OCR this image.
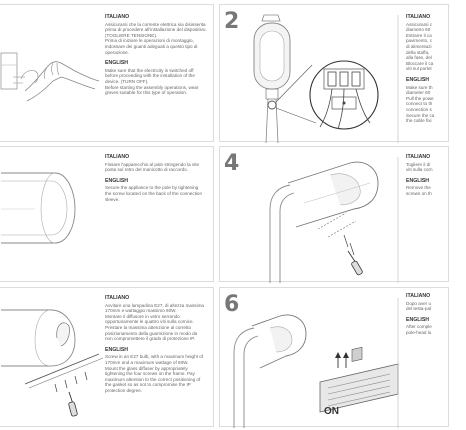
ITALIANO
Assicurarsi che la corrente elettrica sia disinserita
prima di procedere all'installazione del dispositivo.
(TOGLIERE TENSIONE).
Prima di iniziare le operazioni di montaggio,
indossare dei guanti adeguati a questo tipo di
operazione.
ENGLISH
Make sure that the electricity is switched off
before proceeding with the installation of the
device. (TURN OFF).
Before starting the assembly operations, wear
gloves suitable for this type of operation.
2	ITALIANO
Assicurarsi c
diametro 60
Estrarre il ca
pavimento, c
di alimentazi
della staffa,
alla fase, del
Bloccare il ca
viti sul portel
ENGLISH
Make sure th
diameter 60
Pull the powe
connect to th
connection s
Secure the ca
the cable fixi
ITALIANO
Fissare l'apparecchio al palo stringendo la vite
posta sul retro del manicotto di raccordo.
ENGLISH
Secure the appliance to the pole by tightening
the screw located on the back of the connection
sleeve.
4	ITALIANO
Togliere il di
viti sulla corn
ENGLISH
Remove the
screws on th
ITALIANO
Avvitare una lampadina E27, di altezza massima
170mm e wattaggio massimo 60W.
Montare il diffusore in vetro serrando
opportunamente le quattro viti sulla cornice.
Prestare la massima attenzione al corretto
posizionamento della guarnizione in modo da
non compromettere il grado di protezione IP.
ENGLISH
Screw in an E27 bulb, with a maximum height of
170mm and a maximum wattage of 60W.
Mount the glass diffuser by appropriately
tightening the four screws on the frame. Pay
maximum attention to the correct positioning of
the gasket so as not to compromise the IP
protection degree.
6
ON
ITALIANO
Dopo aver u
del testa-pal
ENGLISH
After comple
pole-head lu
